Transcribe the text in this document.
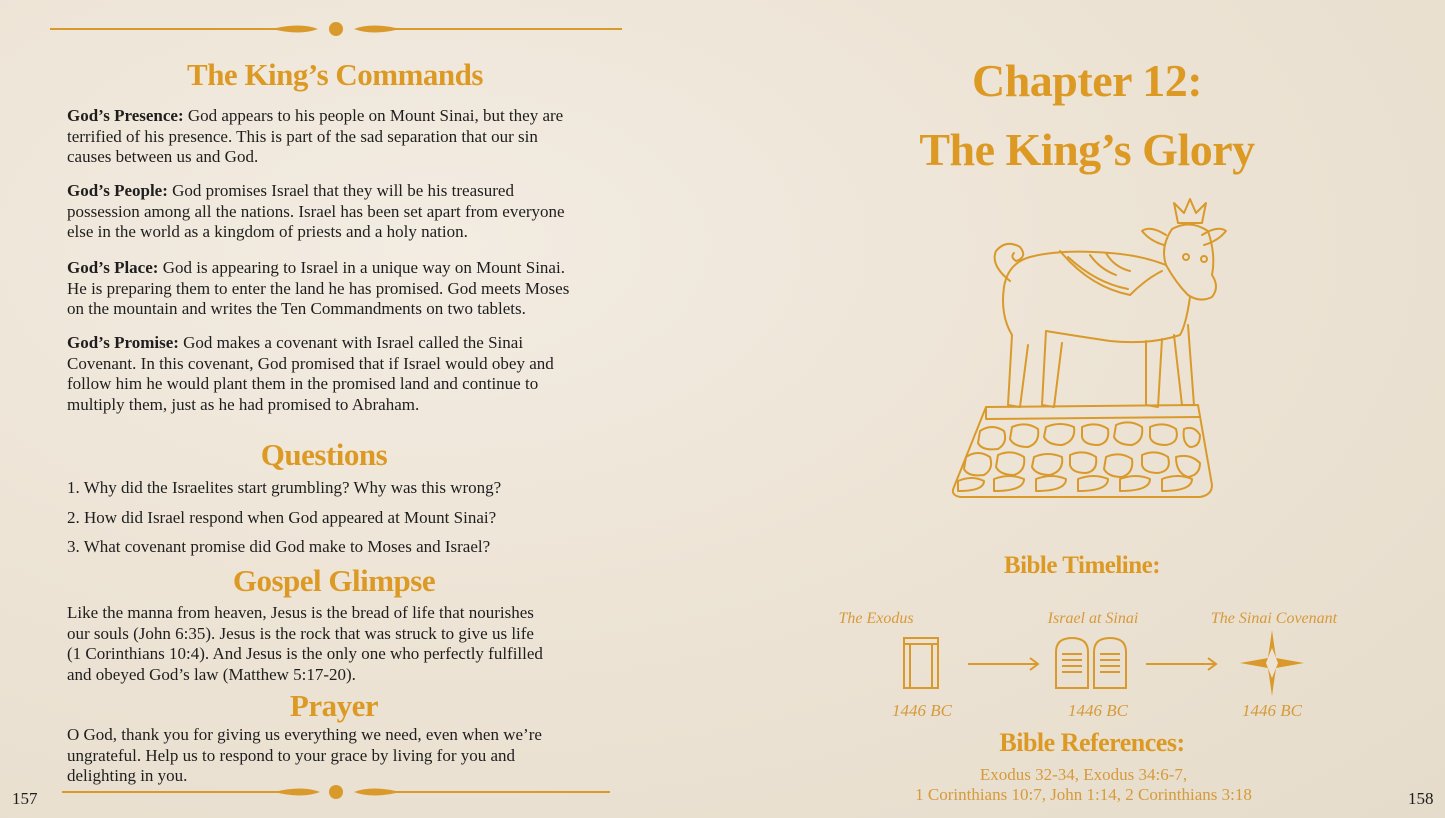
The King’s Commands
God’s Presence: God appears to his people on Mount Sinai, but they are
terrified of his presence. This is part of the sad separation that our sin
causes between us and God.
God’s People: God promises Israel that they will be his treasured
possession among all the nations. Israel has been set apart from everyone
else in the world as a kingdom of priests and a holy nation.
God’s Place: God is appearing to Israel in a unique way on Mount Sinai.
He is preparing them to enter the land he has promised. God meets Moses
on the mountain and writes the Ten Commandments on two tablets.
God’s Promise: God makes a covenant with Israel called the Sinai
Covenant. In this covenant, God promised that if Israel would obey and
follow him he would plant them in the promised land and continue to
multiply them, just as he had promised to Abraham.
Questions
1. Why did the Israelites start grumbling? Why was this wrong?
2. How did Israel respond when God appeared at Mount Sinai?
3. What covenant promise did God make to Moses and Israel?
Gospel Glimpse
Like the manna from heaven, Jesus is the bread of life that nourishes
our souls (John 6:35). Jesus is the rock that was struck to give us life
(1 Corinthians 10:4). And Jesus is the only one who perfectly fulfilled
and obeyed God’s law (Matthew 5:17-20).
Prayer
O God, thank you for giving us everything we need, even when we’re
ungrateful. Help us to respond to your grace by living for you and
delighting in you.
157
Chapter 12:
The King’s Glory
Bible Timeline:
The Exodus	Israel at Sinai	The Sinai Covenant
1446 BC	1446 BC	1446 BC
Bible References:
Exodus 32-34, Exodus 34:6-7,
1 Corinthians 10:7, John 1:14, 2 Corinthians 3:18	158
